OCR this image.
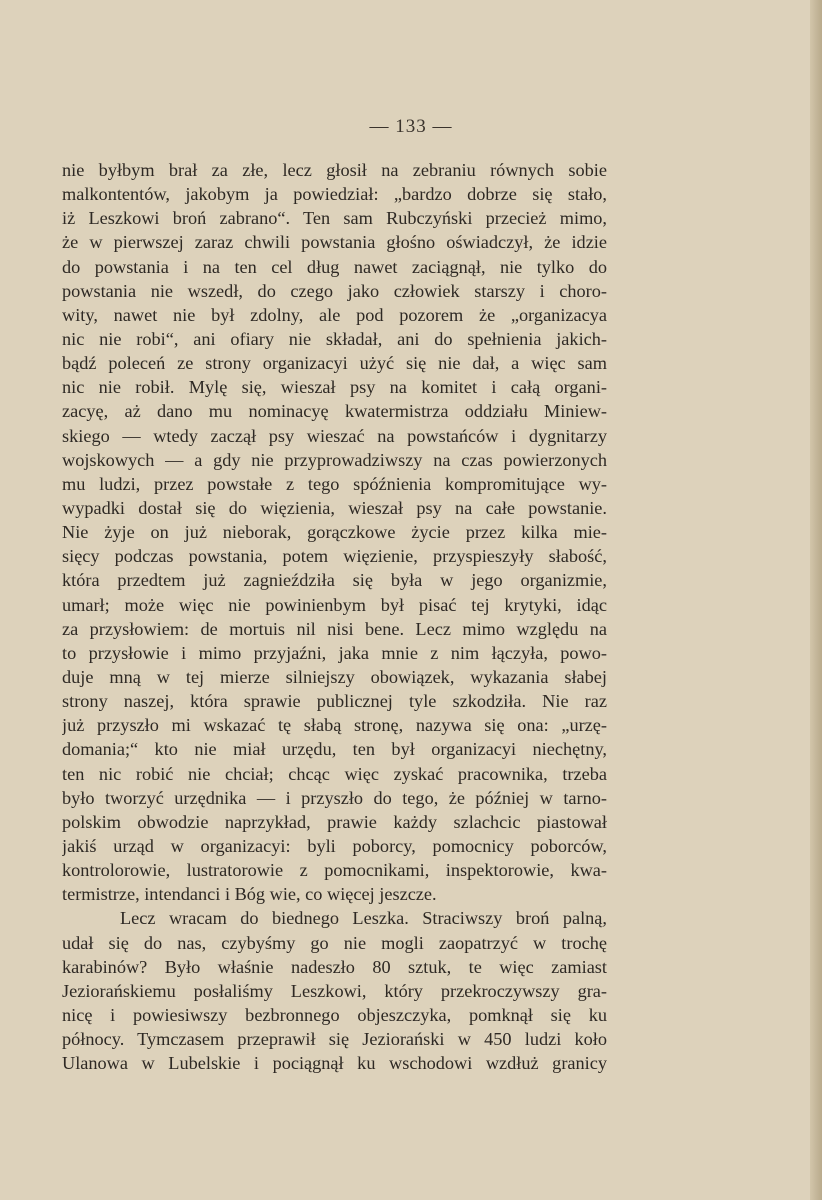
— 133 —
nie byłbym brał za złe, lecz głosił na zebraniu równych sobie
malkontentów, jakobym ja powiedział: „bardzo dobrze się stało,
iż Leszkowi broń zabrano“. Ten sam Rubczyński przecież mimo,
że w pierwszej zaraz chwili powstania głośno oświadczył, że idzie
do powstania i na ten cel dług nawet zaciągnął, nie tylko do
powstania nie wszedł, do czego jako człowiek starszy i choro-
wity, nawet nie był zdolny, ale pod pozorem że „organizacya
nic nie robi“, ani ofiary nie składał, ani do spełnienia jakich-
bądź poleceń ze strony organizacyi użyć się nie dał, a więc sam
nic nie robił. Mylę się, wieszał psy na komitet i całą organi-
zacyę, aż dano mu nominacyę kwatermistrza oddziału Miniew-
skiego — wtedy zaczął psy wieszać na powstańców i dygnitarzy
wojskowych — a gdy nie przyprowadziwszy na czas powierzonych
mu ludzi, przez powstałe z tego spóźnienia kompromitujące wy-
wypadki dostał się do więzienia, wieszał psy na całe powstanie.
Nie żyje on już nieborak, gorączkowe życie przez kilka mie-
sięcy podczas powstania, potem więzienie, przyspieszyły słabość,
która przedtem już zagnieździła się była w jego organizmie,
umarł; może więc nie powinienbym był pisać tej krytyki, idąc
za przysłowiem: de mortuis nil nisi bene. Lecz mimo względu na
to przysłowie i mimo przyjaźni, jaka mnie z nim łączyła, powo-
duje mną w tej mierze silniejszy obowiązek, wykazania słabej
strony naszej, która sprawie publicznej tyle szkodziła. Nie raz
już przyszło mi wskazać tę słabą stronę, nazywa się ona: „urzę-
domania;“ kto nie miał urzędu, ten był organizacyi niechętny,
ten nic robić nie chciał; chcąc więc zyskać pracownika, trzeba
było tworzyć urzędnika — i przyszło do tego, że później w tarno-
polskim obwodzie naprzykład, prawie każdy szlachcic piastował
jakiś urząd w organizacyi: byli poborcy, pomocnicy poborców,
kontrolorowie, lustratorowie z pomocnikami, inspektorowie, kwa-
termistrze, intendanci i Bóg wie, co więcej jeszcze.
Lecz wracam do biednego Leszka. Straciwszy broń palną,
udał się do nas, czybyśmy go nie mogli zaopatrzyć w trochę
karabinów? Było właśnie nadeszło 80 sztuk, te więc zamiast
Jeziorańskiemu posłaliśmy Leszkowi, który przekroczywszy gra-
nicę i powiesiwszy bezbronnego objeszczyka, pomknął się ku
północy. Tymczasem przeprawił się Jeziorański w 450 ludzi koło
Ulanowa w Lubelskie i pociągnął ku wschodowi wzdłuż granicy
